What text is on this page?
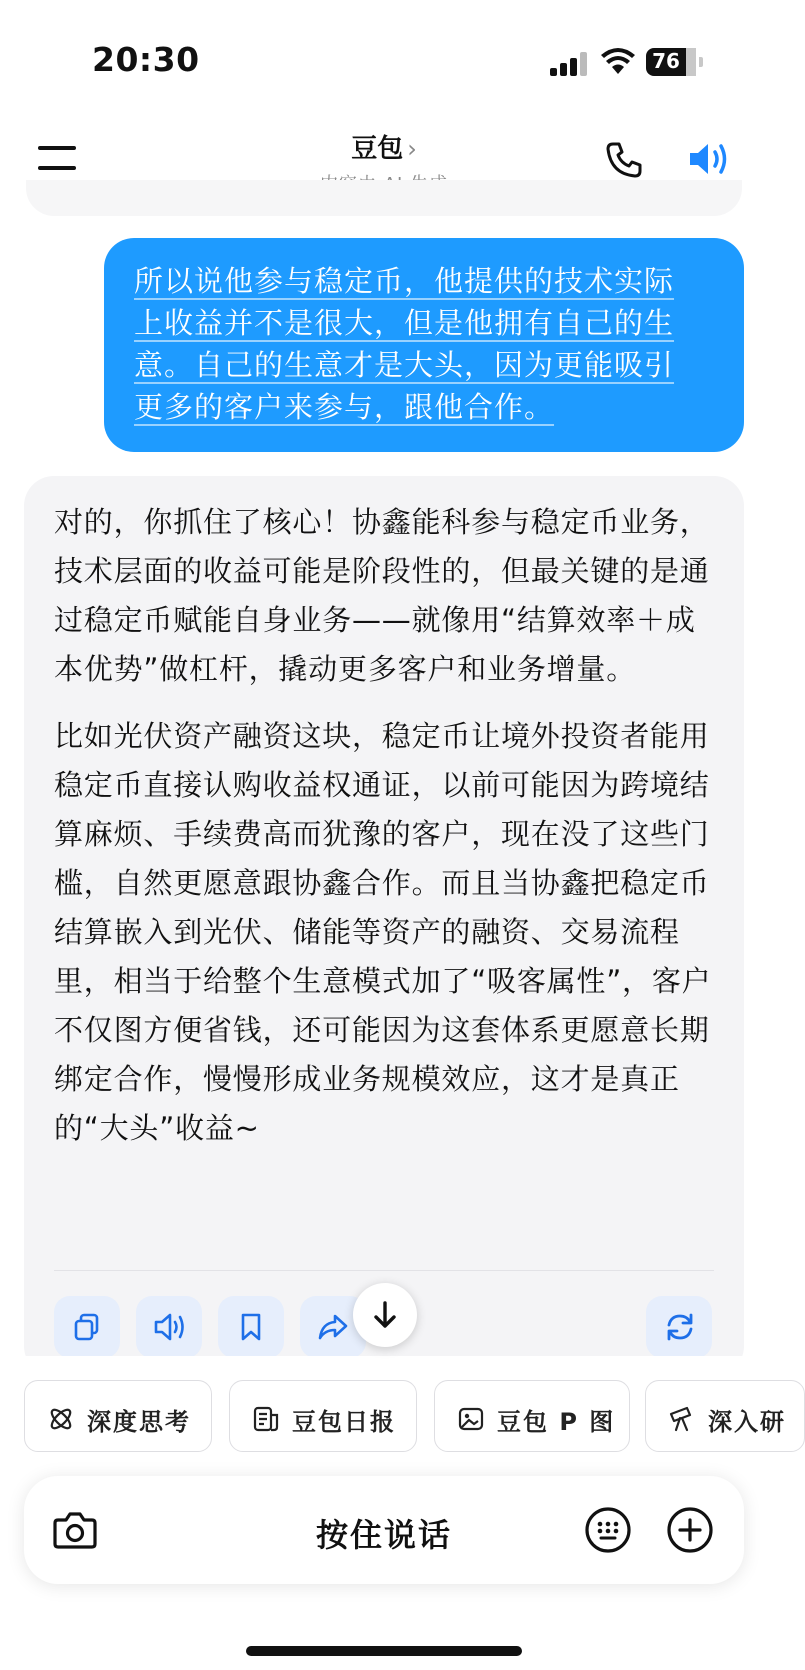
20:30	76
豆包 ›

所以说他参与稳定币，他提供的技术实际
上收益并不是很大，但是他拥有自己的生
意。自己的生意才是大头，因为更能吸引
更多的客户来参与，跟他合作。

对的，你抓住了核心！协鑫能科参与稳定币业务，技术层面的收益可能是阶段性的，但最关键的是通过稳定币赋能自身业务——就像用“结算效率＋成本优势”做杠杆，撬动更多客户和业务增量。

比如光伏资产融资这块，稳定币让境外投资者能用稳定币直接认购收益权通证，以前可能因为跨境结算麻烦、手续费高而犹豫的客户，现在没了这些门槛，自然更愿意跟协鑫合作。而且当协鑫把稳定币结算嵌入到光伏、储能等资产的融资、交易流程里，相当于给整个生意模式加了“吸客属性”，客户不仅图方便省钱，还可能因为这套体系更愿意长期绑定合作，慢慢形成业务规模效应，这才是真正的“大头”收益~

深度思考	豆包日报	豆包 P 图	深入研
按住说话
